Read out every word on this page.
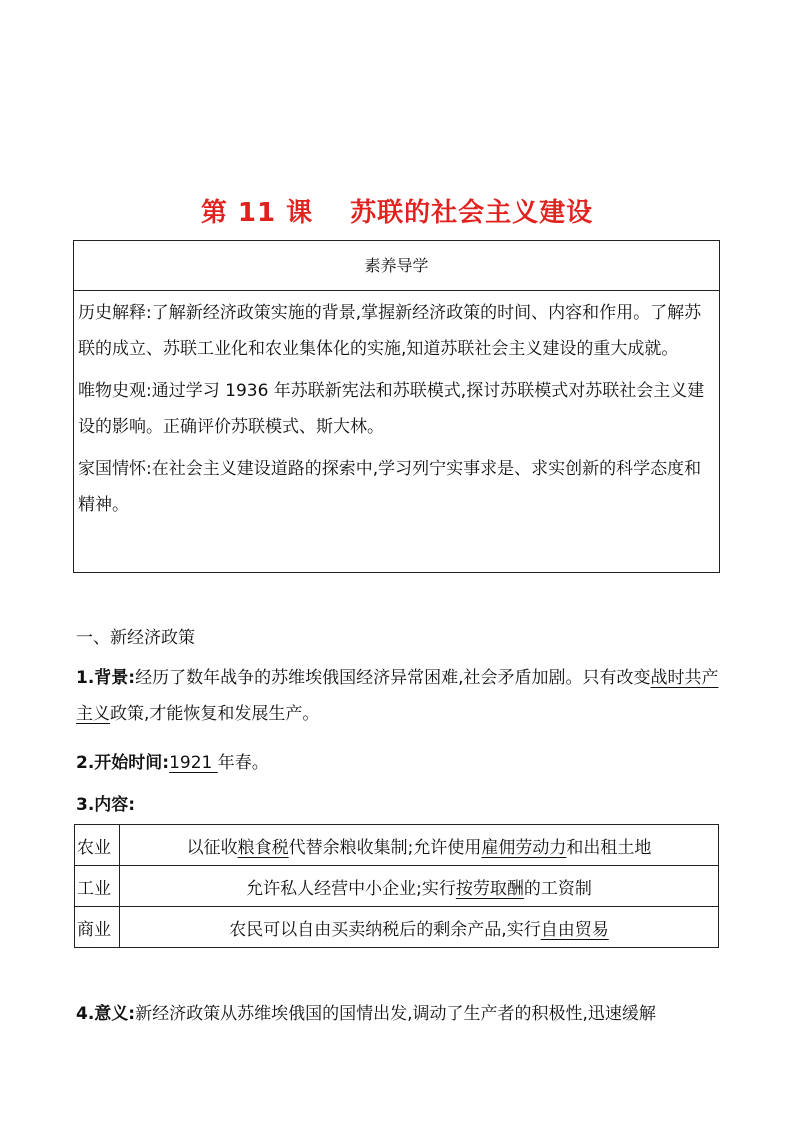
第 11 课　 苏联的社会主义建设
素养导学

历史解释:了解新经济政策实施的背景,掌握新经济政策的时间、内容和作用。了解苏联的成立、苏联工业化和农业集体化的实施,知道苏联社会主义建设的重大成就。

唯物史观:通过学习 1936 年苏联新宪法和苏联模式,探讨苏联模式对苏联社会主义建设的影响。正确评价苏联模式、斯大林。

家国情怀:在社会主义建设道路的探索中,学习列宁实事求是、求实创新的科学态度和精神。

一、新经济政策
1.背景:经历了数年战争的苏维埃俄国经济异常困难,社会矛盾加剧。只有改变战时共产主义政策,才能恢复和发展生产。
2.开始时间:1921 年春。
3.内容:
农业	以征收粮食税代替余粮收集制;允许使用雇佣劳动力和出租土地
工业	允许私人经营中小企业;实行按劳取酬的工资制
商业	农民可以自由买卖纳税后的剩余产品,实行自由贸易
4.意义:新经济政策从苏维埃俄国的国情出发,调动了生产者的积极性,迅速缓解
